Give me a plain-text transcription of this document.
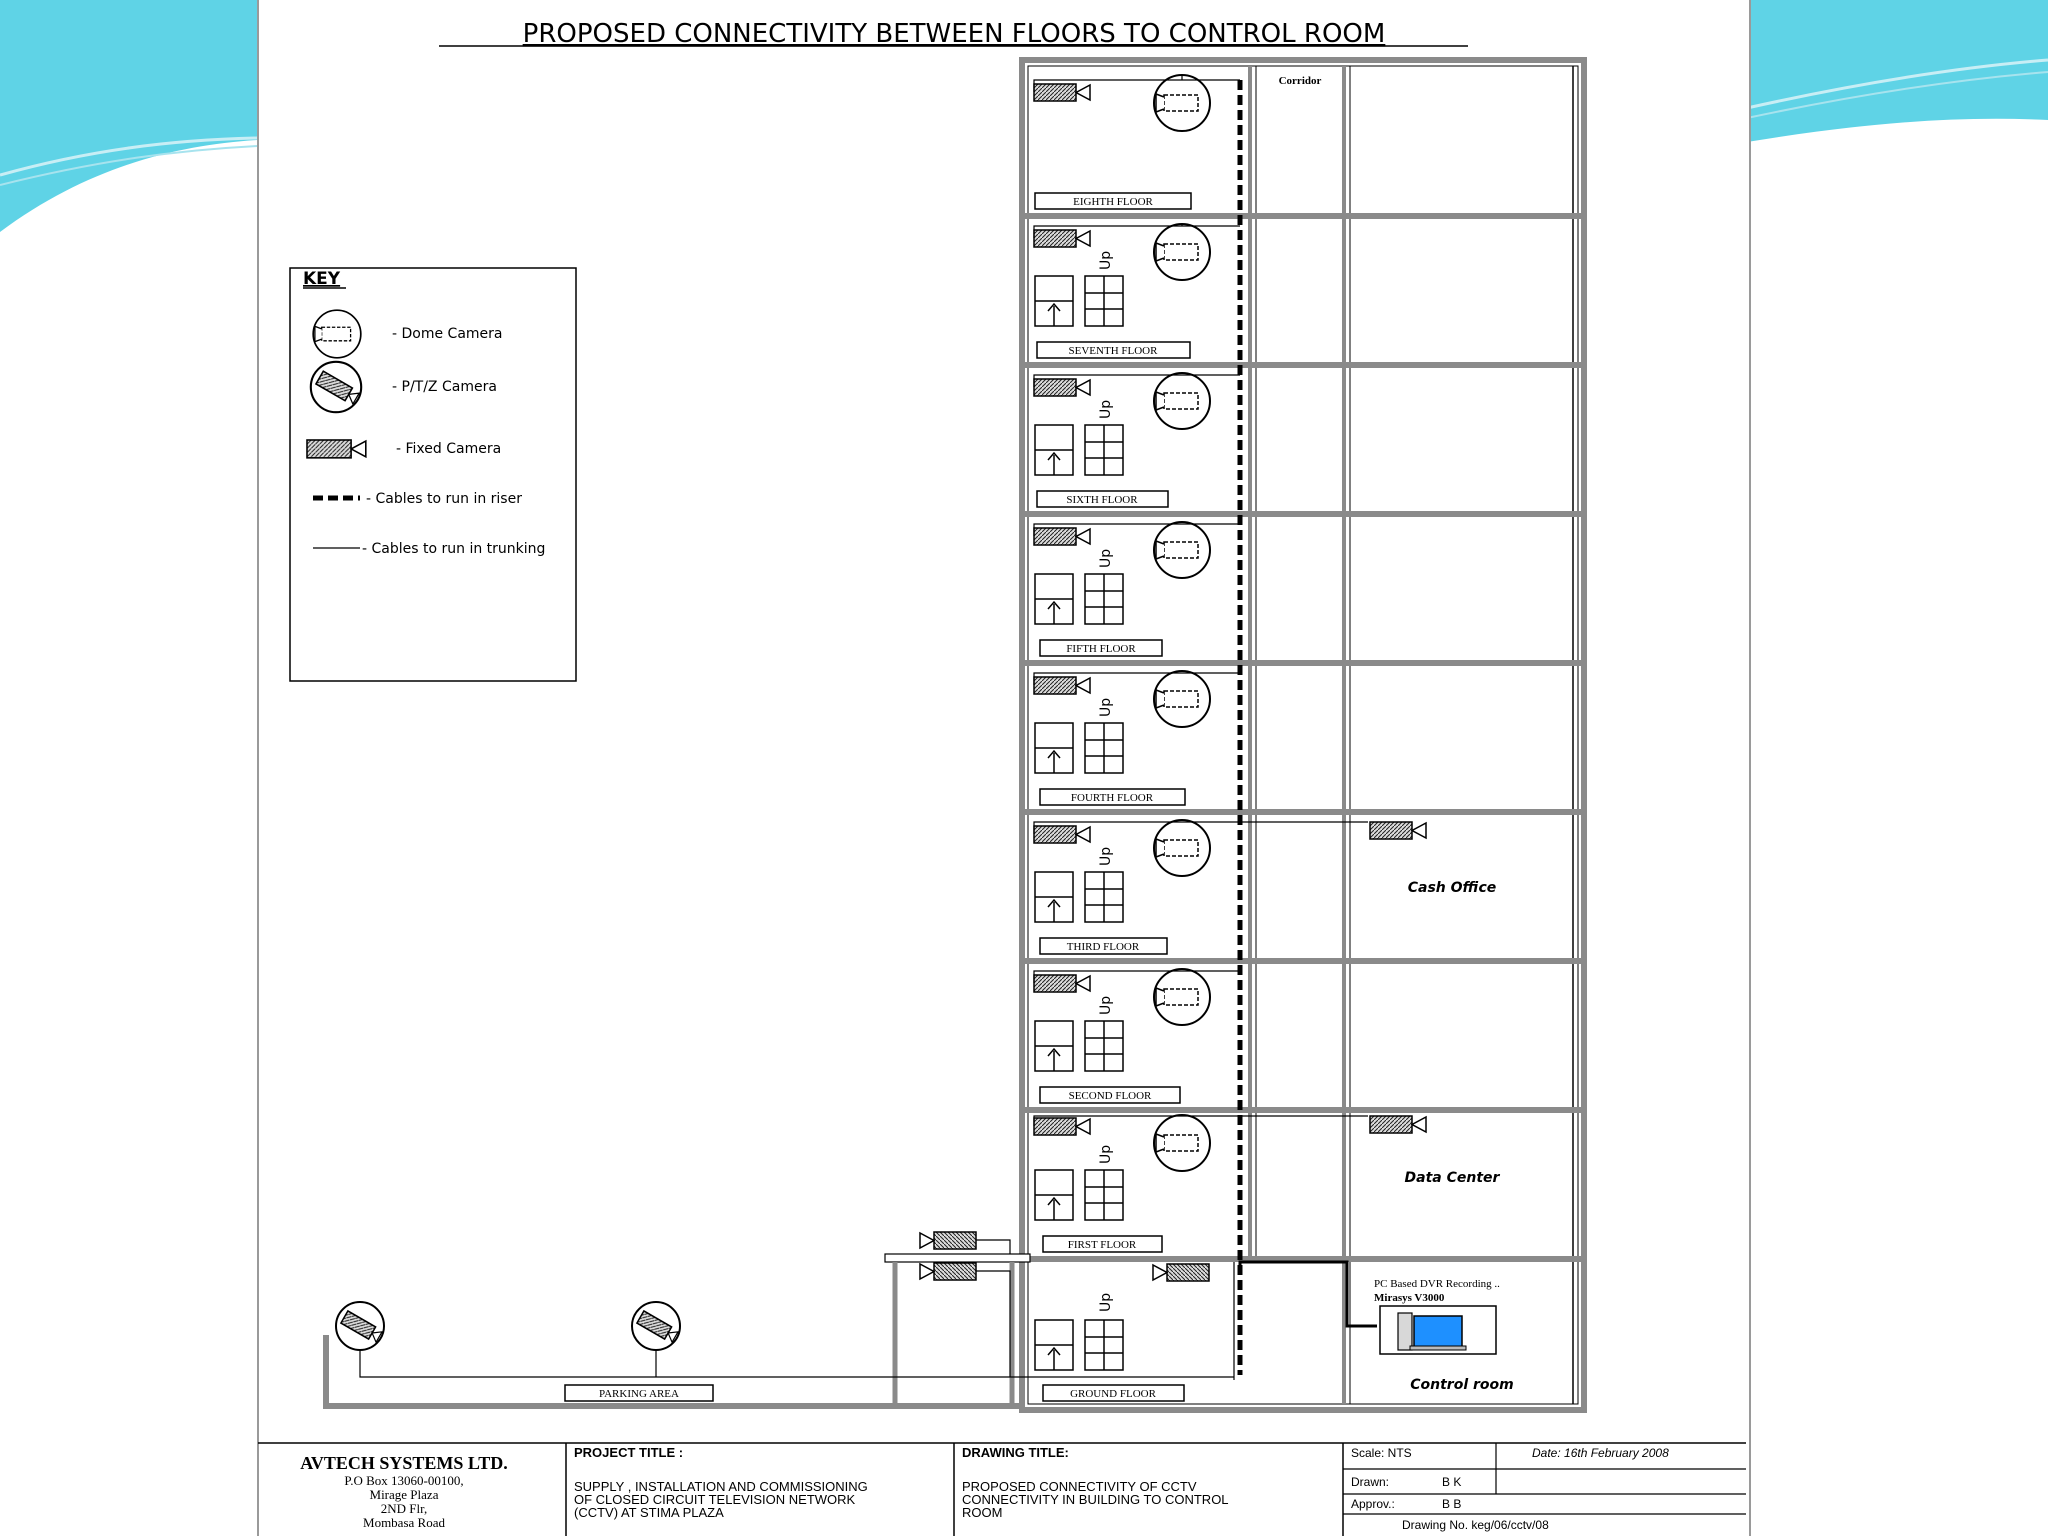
PROPOSED CONNECTIVITY BETWEEN FLOORS TO CONTROL ROOM
KEY
- Dome Camera
- P/T/Z Camera
- Fixed Camera
- Cables to run in riser
- Cables to run in trunking
Corridor
EIGHTH FLOOR
Up
SEVENTH FLOOR
Up
SIXTH FLOOR
Up
FIFTH FLOOR
Up
FOURTH FLOOR
Up
Cash Office
THIRD FLOOR
Up
SECOND FLOOR
Up
Data Center
FIRST FLOOR
Up
GROUND FLOOR
PC Based DVR Recording ..
Mirasys V3000
Control room
PARKING AREA
AVTECH SYSTEMS LTD.
P.O Box 13060-00100,
Mirage Plaza
2ND Flr,
Mombasa Road
PROJECT TITLE :
SUPPLY , INSTALLATION AND COMMISSIONING
OF CLOSED CIRCUIT TELEVISION NETWORK
(CCTV) AT STIMA PLAZA
DRAWING TITLE:
PROPOSED CONNECTIVITY OF CCTV
CONNECTIVITY IN BUILDING TO CONTROL
ROOM
Scale: NTS	Date: 16th February 2008
Drawn:	B K
Approv.:	B B
Drawing No. keg/06/cctv/08
